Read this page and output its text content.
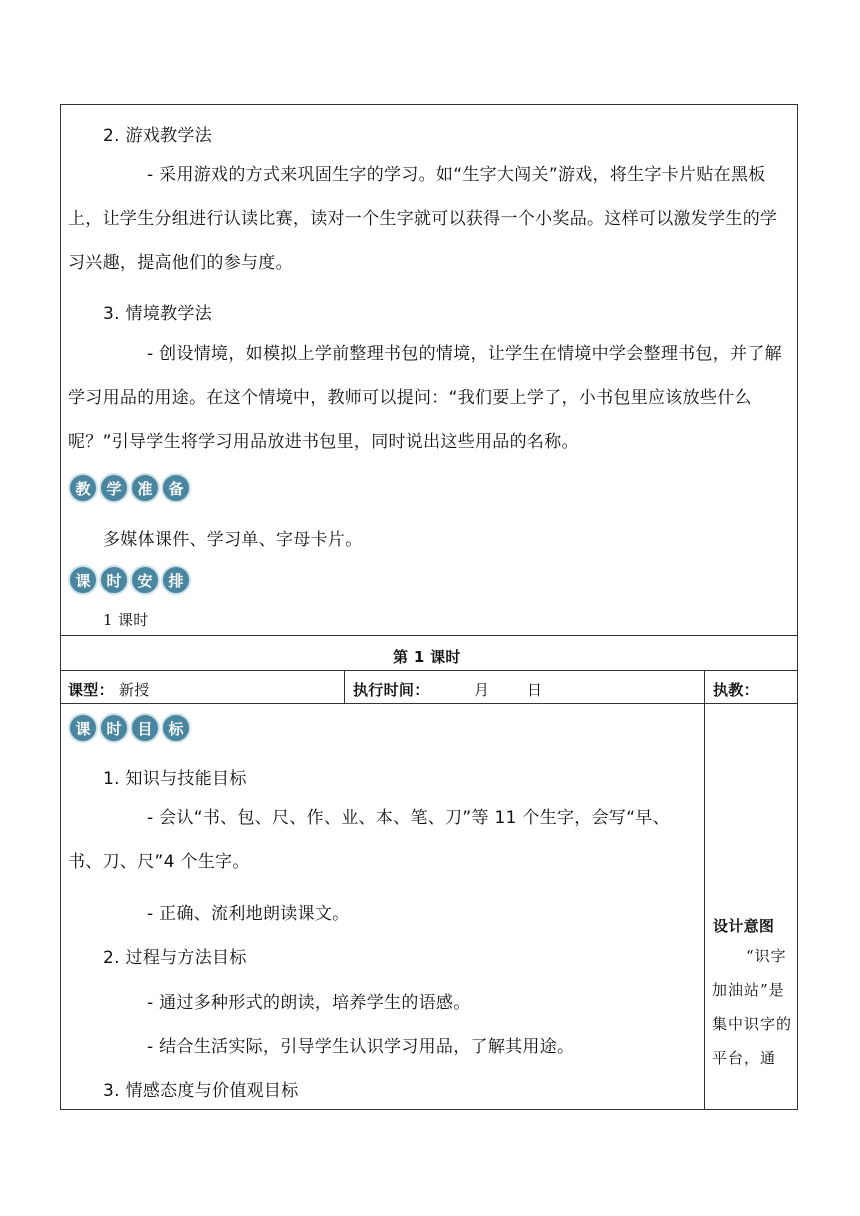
2. 游戏教学法
- 采用游戏的方式来巩固生字的学习。如“生字大闯关”游戏，将生字卡片贴在黑板上，让学生分组进行认读比赛，读对一个生字就可以获得一个小奖品。这样可以激发学生的学习兴趣，提高他们的参与度。
3. 情境教学法
- 创设情境，如模拟上学前整理书包的情境，让学生在情境中学会整理书包，并了解学习用品的用途。在这个情境中，教师可以提问：“我们要上学了，小书包里应该放些什么呢？”引导学生将学习用品放进书包里，同时说出这些用品的名称。
教	学	准	备
多媒体课件、学习单、字母卡片。
课	时	安	排
1 课时
第 1 课时
课型： 新授	执行时间：	月	日	执教：
课	时	目	标
1. 知识与技能目标
- 会认“书、包、尺、作、业、本、笔、刀”等 11 个生字，会写“早、书、刀、尺”4 个生字。
- 正确、流利地朗读课文。
2. 过程与方法目标
- 通过多种形式的朗读，培养学生的语感。
- 结合生活实际，引导学生认识学习用品，了解其用途。
3. 情感态度与价值观目标
设计意图
“识字加油站”是集中识字的平台，通
